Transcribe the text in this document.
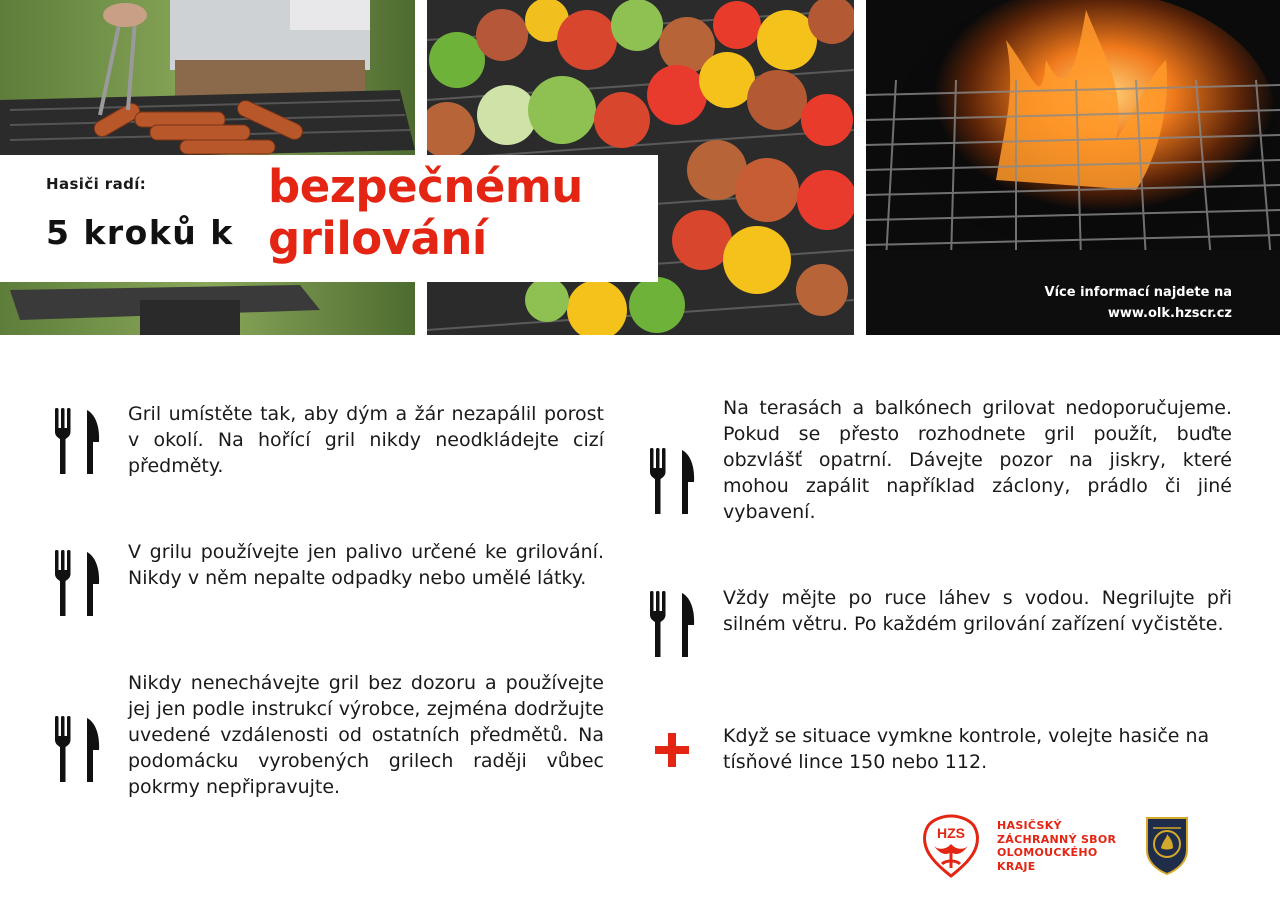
Hasiči radí:
5 kroků k
bezpečnému
grilování
Více informací najdete na
www.olk.hzscr.cz
Gril umístěte tak, aby dým a žár nezapálil porost v okolí. Na hořící gril nikdy neodkládejte cizí předměty.
V grilu používejte jen palivo určené ke grilování. Nikdy v něm nepalte odpadky nebo umělé látky.
Nikdy nenechávejte gril bez dozoru a používejte jej jen podle instrukcí výrobce, zejména dodržujte uvedené vzdálenosti od ostatních předmětů. Na podomácku vyrobených grilech raději vůbec pokrmy nepřipravujte.
Na terasách a balkónech grilovat nedoporučujeme. Pokud se přesto rozhodnete gril použít, buďte obzvlášť opatrní. Dávejte pozor na jiskry, které mohou zapálit například záclony, prádlo či jiné vybavení.
Vždy mějte po ruce láhev s vodou. Negrilujte při silném větru. Po každém grilování zařízení vyčistěte.
Když se situace vymkne kontrole, volejte hasiče na tísňové lince 150 nebo 112.
HZS	HASIČSKÝ
ZÁCHRANNÝ SBOR
OLOMOUCKÉHO
KRAJE
